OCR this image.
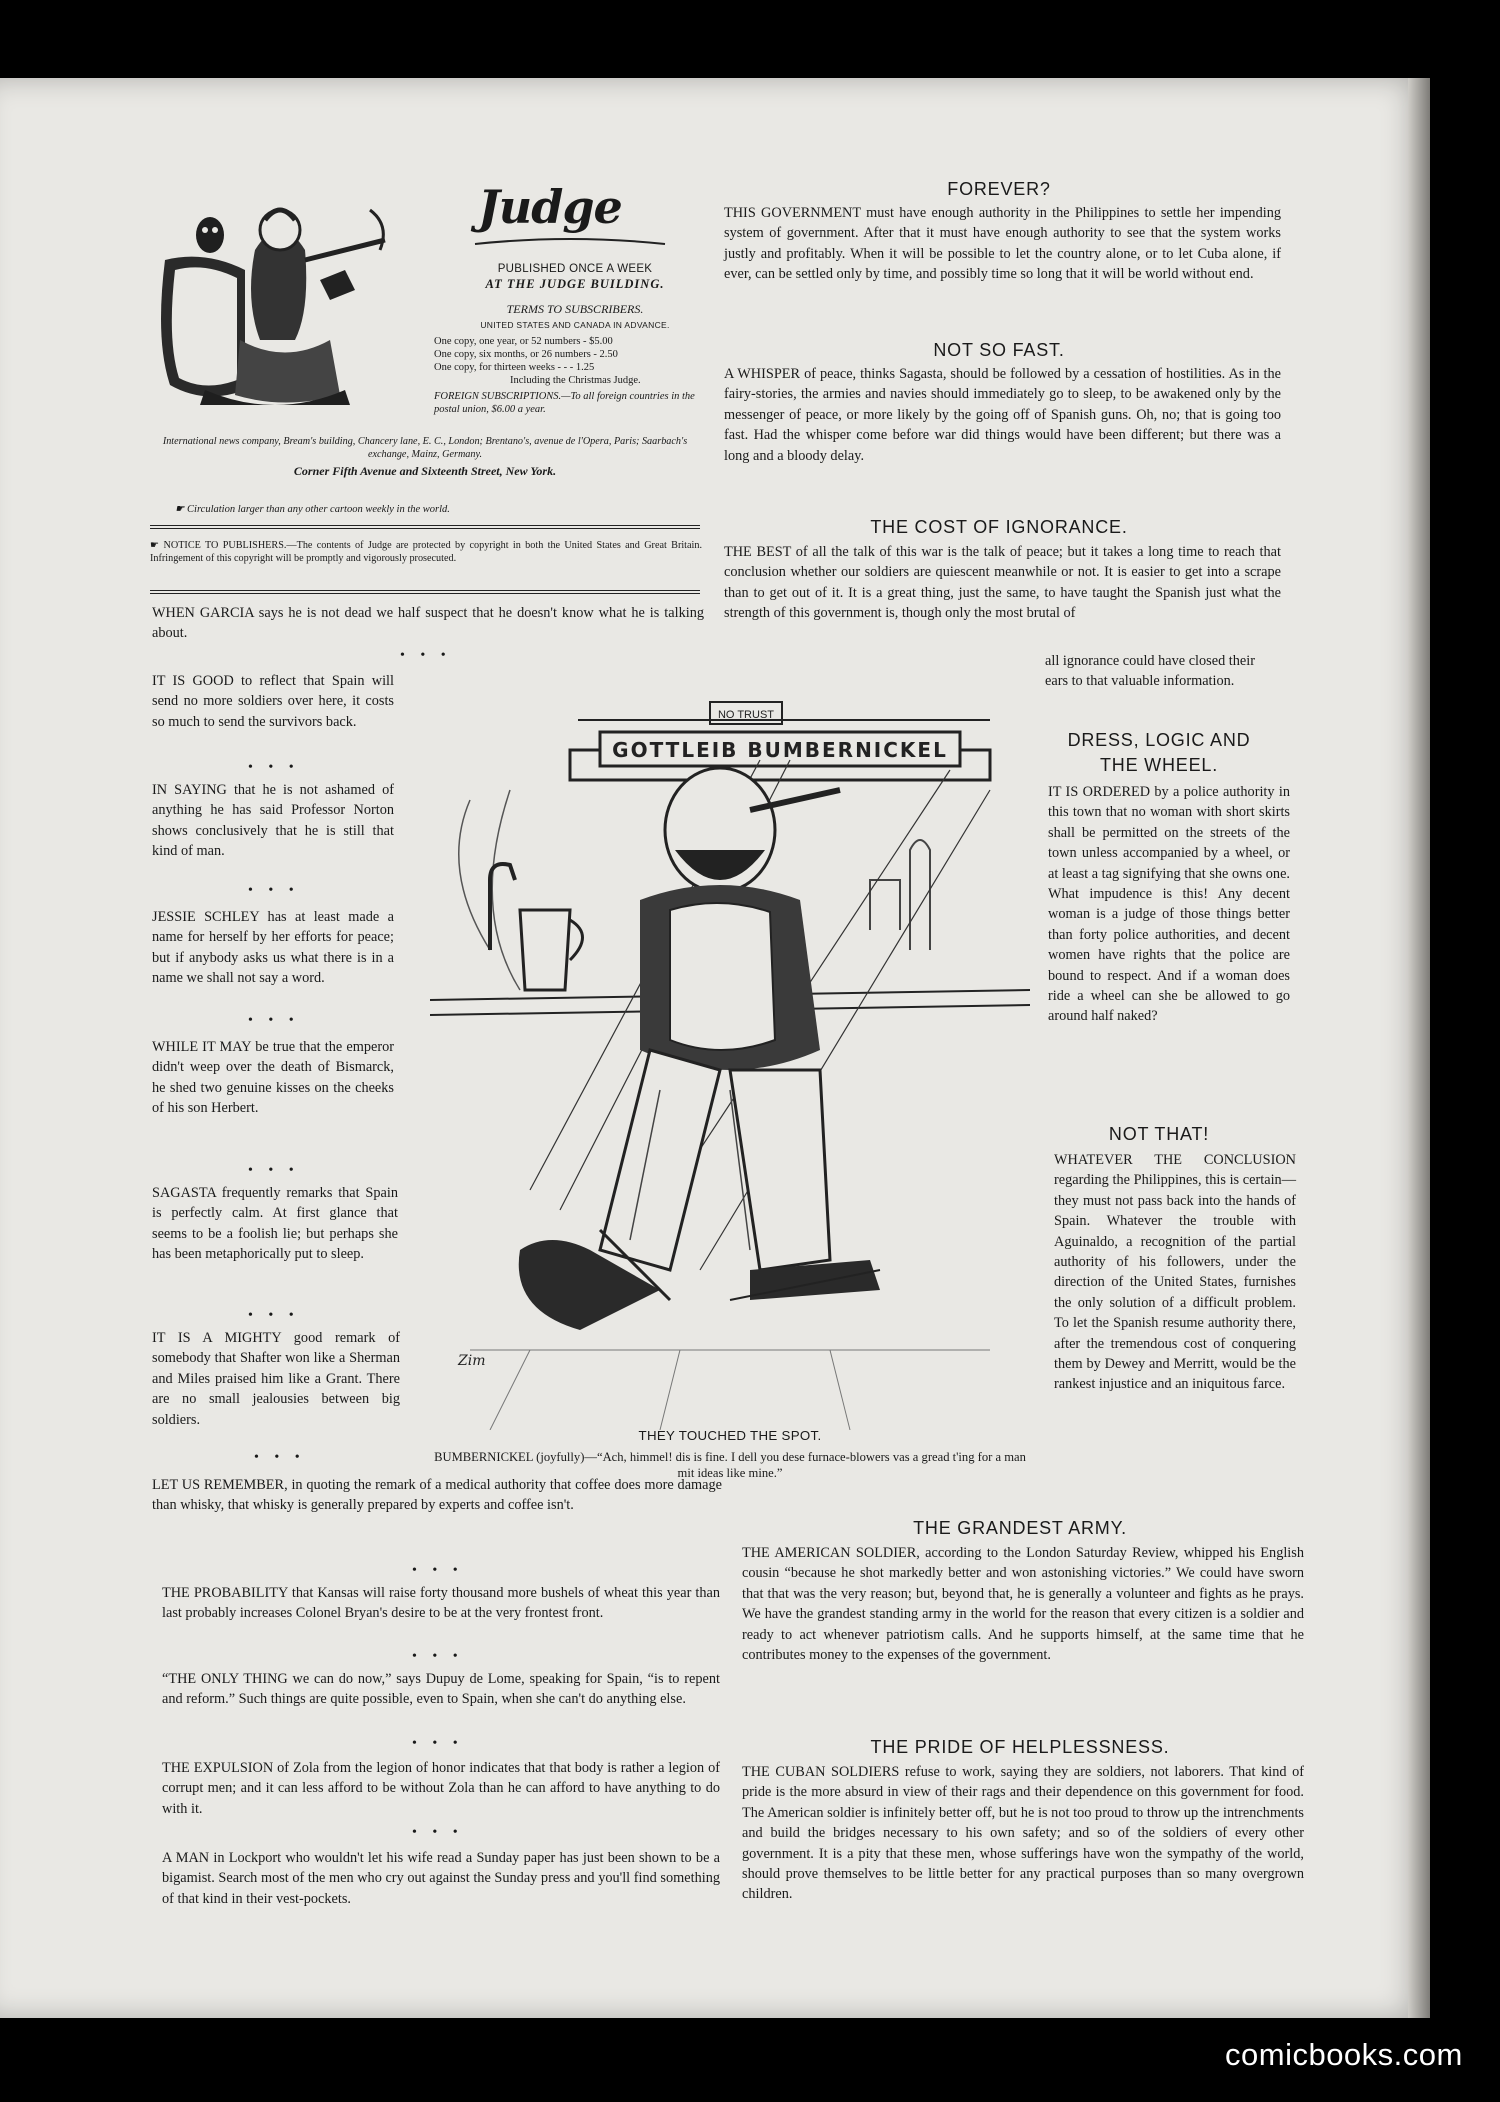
Judge
PUBLISHED ONCE A WEEK
AT THE JUDGE BUILDING.
TERMS TO SUBSCRIBERS.
UNITED STATES AND CANADA IN ADVANCE.
One copy, one year, or 52 numbers - $5.00
One copy, six months, or 26 numbers - 2.50
One copy, for thirteen weeks - - - 1.25
Including the Christmas Judge.
FOREIGN SUBSCRIPTIONS.—To all foreign countries in the postal union, $6.00 a year.
International news company, Bream's building, Chancery lane, E. C., London; Brentano's, avenue de l'Opera, Paris; Saarbach's exchange, Mainz, Germany.
Corner Fifth Avenue and Sixteenth Street, New York.
☛ Circulation larger than any other cartoon weekly in the world.
☛ NOTICE TO PUBLISHERS.—The contents of Judge are protected by copyright in both the United States and Great Britain. Infringement of this copyright will be promptly and vigorously prosecuted.
WHEN GARCIA says he is not dead we half suspect that he doesn't know what he is talking about.
• • •
IT IS GOOD to reflect that Spain will send no more soldiers over here, it costs so much to send the survivors back.
• • •
IN SAYING that he is not ashamed of anything he has said Professor Norton shows conclusively that he is still that kind of man.
• • •
JESSIE SCHLEY has at least made a name for herself by her efforts for peace; but if anybody asks us what there is in a name we shall not say a word.
• • •
WHILE IT MAY be true that the emperor didn't weep over the death of Bismarck, he shed two genuine kisses on the cheeks of his son Herbert.
• • •
SAGASTA frequently remarks that Spain is perfectly calm. At first glance that seems to be a foolish lie; but perhaps she has been metaphorically put to sleep.
• • •
IT IS A MIGHTY good remark of somebody that Shafter won like a Sherman and Miles praised him like a Grant. There are no small jealousies between big soldiers.
• • •
LET US REMEMBER, in quoting the remark of a medical authority that coffee does more damage than whisky, that whisky is generally prepared by experts and coffee isn't.
• • •
THE PROBABILITY that Kansas will raise forty thousand more bushels of wheat this year than last probably increases Colonel Bryan's desire to be at the very frontest front.
• • •
“THE ONLY THING we can do now,” says Dupuy de Lome, speaking for Spain, “is to repent and reform.” Such things are quite possible, even to Spain, when she can't do anything else.
• • •
THE EXPULSION of Zola from the legion of honor indicates that that body is rather a legion of corrupt men; and it can less afford to be without Zola than he can afford to have anything to do with it.
• • •
A MAN in Lockport who wouldn't let his wife read a Sunday paper has just been shown to be a bigamist. Search most of the men who cry out against the Sunday press and you'll find something of that kind in their vest-pockets.
FOREVER?
THIS GOVERNMENT must have enough authority in the Philippines to settle her impending system of government. After that it must have enough authority to see that the system works justly and profitably. When it will be possible to let the country alone, or to let Cuba alone, if ever, can be settled only by time, and possibly time so long that it will be world without end.
NOT SO FAST.
A WHISPER of peace, thinks Sagasta, should be followed by a cessation of hostilities. As in the fairy-stories, the armies and navies should immediately go to sleep, to be awakened only by the messenger of peace, or more likely by the going off of Spanish guns. Oh, no; that is going too fast. Had the whisper come before war did things would have been different; but there was a long and a bloody delay.
THE COST OF IGNORANCE.
THE BEST of all the talk of this war is the talk of peace; but it takes a long time to reach that conclusion whether our soldiers are quiescent meanwhile or not. It is easier to get into a scrape than to get out of it. It is a great thing, just the same, to have taught the Spanish just what the strength of this government is, though only the most brutal of
all ignorance could have closed their ears to that valuable information.
DRESS, LOGIC AND
THE WHEEL.
IT IS ORDERED by a police authority in this town that no woman with short skirts shall be permitted on the streets of the town unless accompanied by a wheel, or at least a tag signifying that she owns one. What impudence is this! Any decent woman is a judge of those things better than forty police authorities, and decent women have rights that the police are bound to respect. And if a woman does ride a wheel can she be allowed to go around half naked?
NOT THAT!
WHATEVER THE CONCLUSION regarding the Philippines, this is certain—they must not pass back into the hands of Spain. Whatever the trouble with Aguinaldo, a recognition of the partial authority of his followers, under the direction of the United States, furnishes the only solution of a difficult problem. To let the Spanish resume authority there, after the tremendous cost of conquering them by Dewey and Merritt, would be the rankest injustice and an iniquitous farce.
THE GRANDEST ARMY.
THE AMERICAN SOLDIER, according to the London Saturday Review, whipped his English cousin “because he shot markedly better and won astonishing victories.” We could have sworn that that was the very reason; but, beyond that, he is generally a volunteer and fights as he prays. We have the grandest standing army in the world for the reason that every citizen is a soldier and ready to act whenever patriotism calls. And he supports himself, at the same time that he contributes money to the expenses of the government.
THE PRIDE OF HELPLESSNESS.
THE CUBAN SOLDIERS refuse to work, saying they are soldiers, not laborers. That kind of pride is the more absurd in view of their rags and their dependence on this government for food. The American soldier is infinitely better off, but he is not too proud to throw up the intrenchments and build the bridges necessary to his own safety; and so of the soldiers of every other government. It is a pity that these men, whose sufferings have won the sympathy of the world, should prove themselves to be little better for any practical purposes than so many overgrown children.
NO TRUST
GOTTLEIB BUMBERNICKEL
Zim
THEY TOUCHED THE SPOT.
BUMBERNICKEL (joyfully)—“Ach, himmel! dis is fine. I dell you dese furnace-blowers vas a gread t'ing for a man mit ideas like mine.”
comicbooks.com
